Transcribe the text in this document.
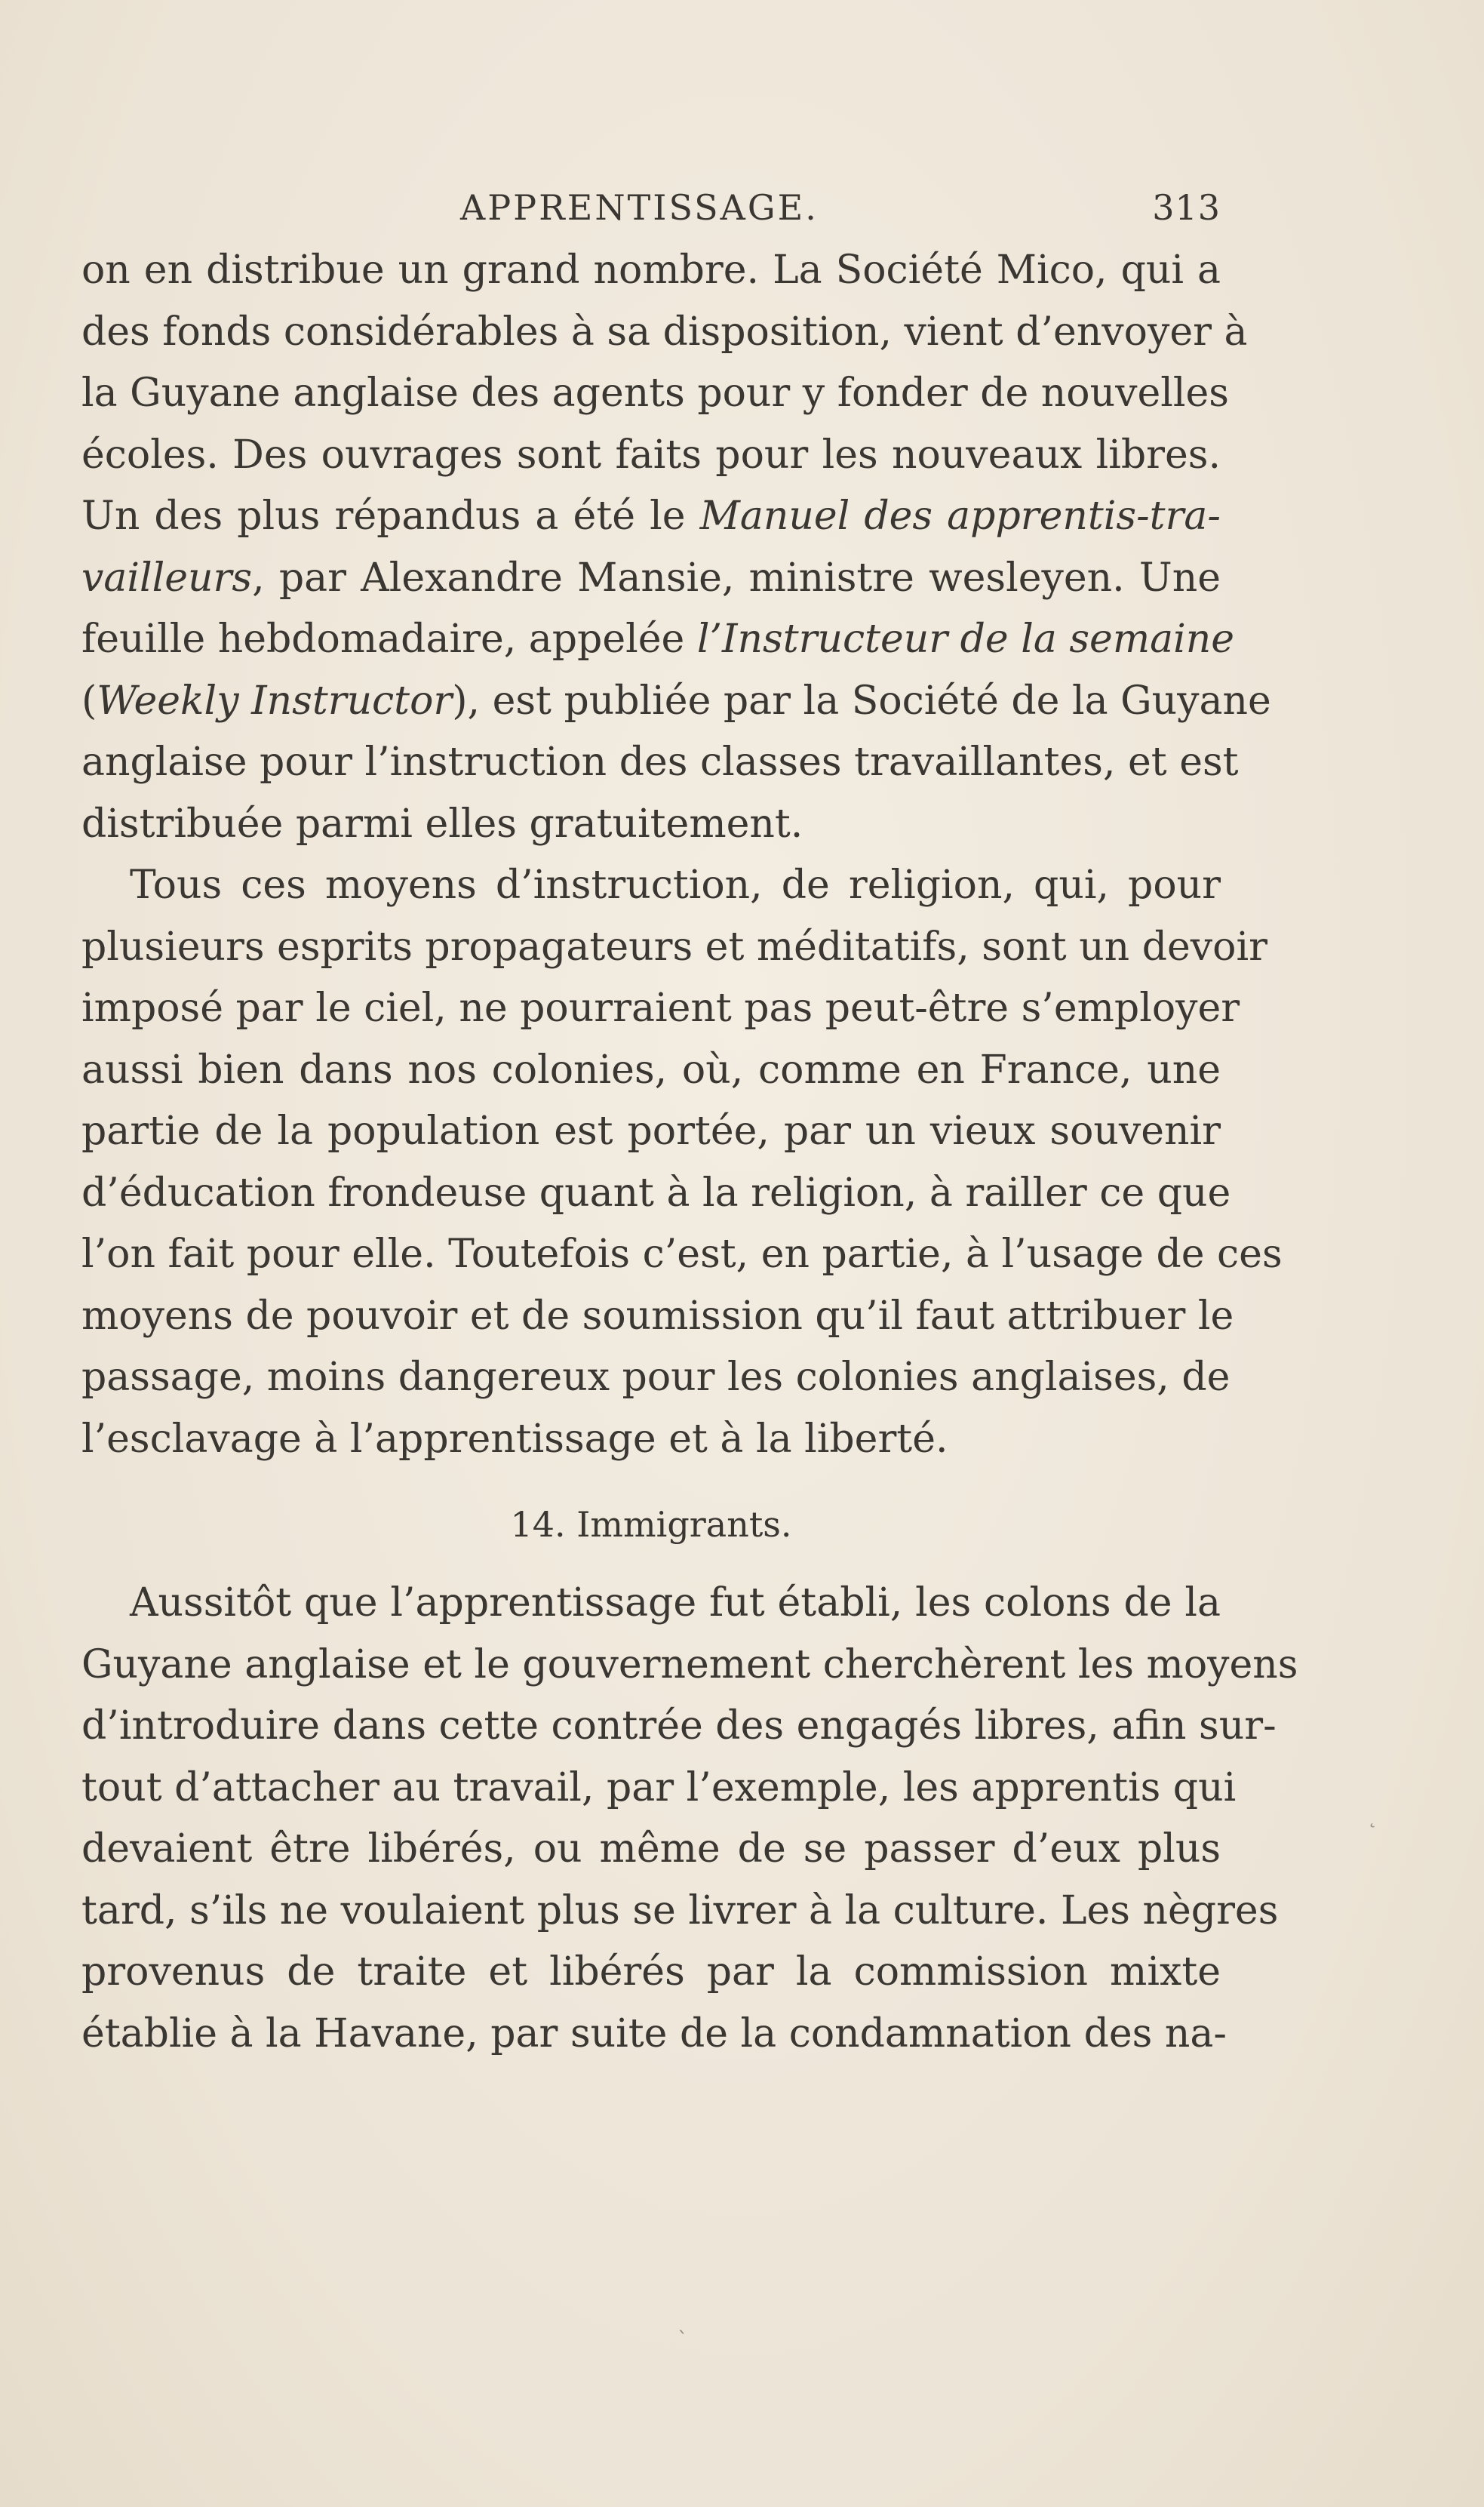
APPRENTISSAGE.	313
on en distribue un grand nombre. La Société Mico, qui a
des fonds considérables à sa disposition, vient d’envoyer à
la Guyane anglaise des agents pour y fonder de nouvelles
écoles. Des ouvrages sont faits pour les nouveaux libres.
Un des plus répandus a été le Manuel des apprentis-tra-
vailleurs, par Alexandre Mansie, ministre wesleyen. Une
feuille hebdomadaire, appelée l’Instructeur de la semaine
(Weekly Instructor), est publiée par la Société de la Guyane
anglaise pour l’instruction des classes travaillantes, et est
distribuée parmi elles gratuitement.
Tous ces moyens d’instruction, de religion, qui, pour
plusieurs esprits propagateurs et méditatifs, sont un devoir
imposé par le ciel, ne pourraient pas peut-être s’employer
aussi bien dans nos colonies, où, comme en France, une
partie de la population est portée, par un vieux souvenir
d’éducation frondeuse quant à la religion, à railler ce que
l’on fait pour elle. Toutefois c’est, en partie, à l’usage de ces
moyens de pouvoir et de soumission qu’il faut attribuer le
passage, moins dangereux pour les colonies anglaises, de
l’esclavage à l’apprentissage et à la liberté.
14. Immigrants.
Aussitôt que l’apprentissage fut établi, les colons de la
Guyane anglaise et le gouvernement cherchèrent les moyens
d’introduire dans cette contrée des engagés libres, afin sur-
tout d’attacher au travail, par l’exemple, les apprentis qui
devaient être libérés, ou même de se passer d’eux plus
tard, s’ils ne voulaient plus se livrer à la culture. Les nègres
provenus de traite et libérés par la commission mixte
établie à la Havane, par suite de la condamnation des na-
˛
ˎ
